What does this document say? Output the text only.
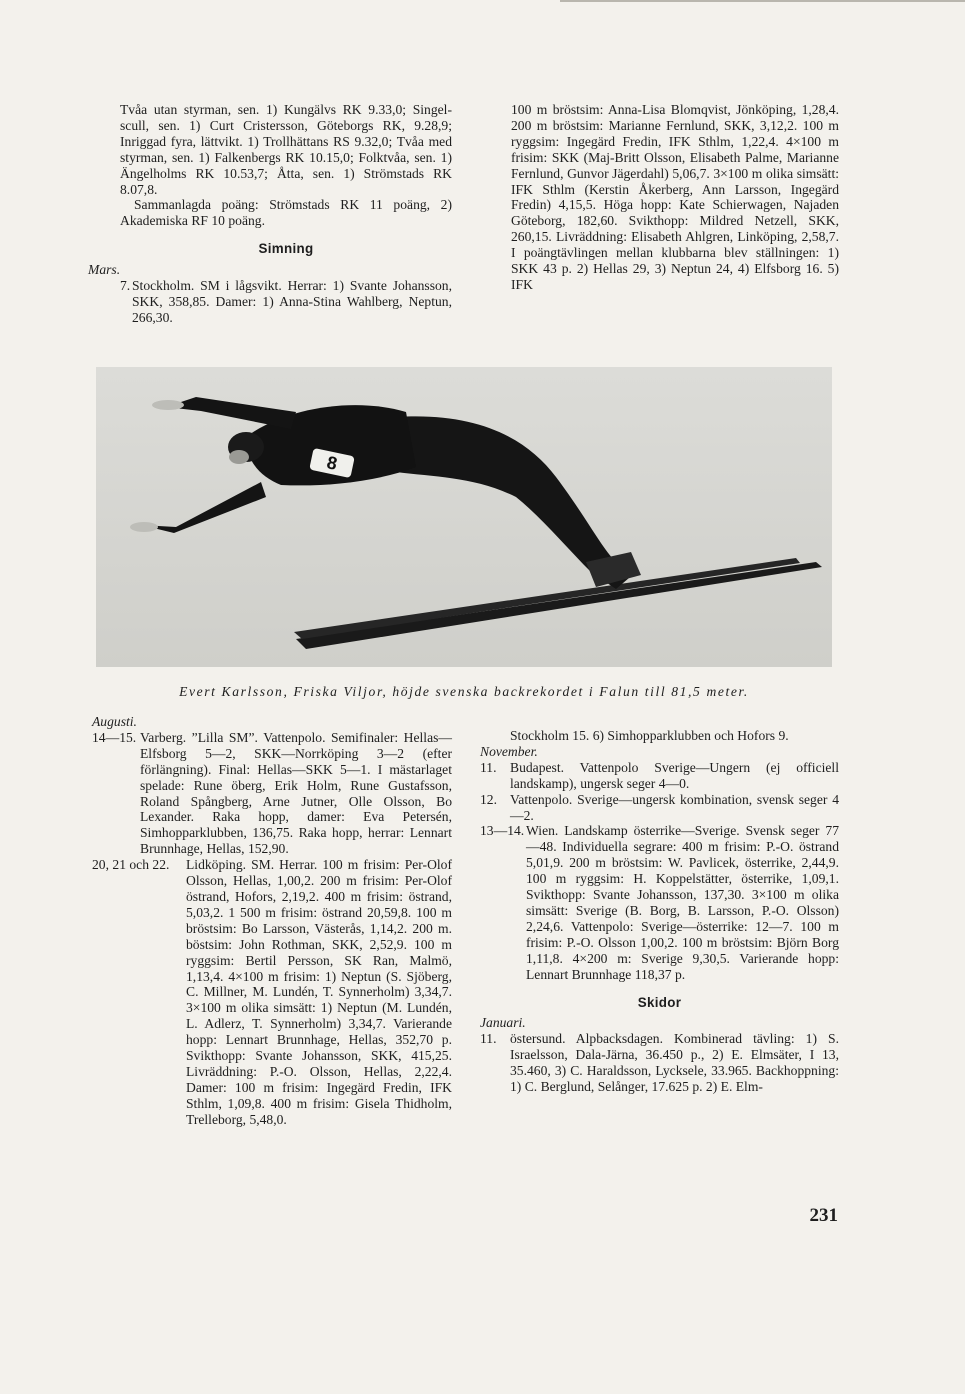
Tvåa utan styrman, sen. 1) Kungälvs RK 9.33,0; Singel-scull, sen. 1) Curt Cristersson, Göteborgs RK, 9.28,9; Inriggad fyra, lättvikt. 1) Trollhättans RS 9.32,0; Tvåa med styrman, sen. 1) Falkenbergs RK 10.15,0; Folktvåa, sen. 1) Ängelholms RK 10.53,7; Åtta, sen. 1) Strömstads RK 8.07,8.

Sammanlagda poäng: Strömstads RK 11 poäng, 2) Akademiska RF 10 poäng.

Simning

Mars.

7. Stockholm. SM i lågsvikt. Herrar: 1) Svante Johansson, SKK, 358,85. Damer: 1) Anna-Stina Wahlberg, Neptun, 266,30.

100 m bröstsim: Anna-Lisa Blomqvist, Jönköping, 1,28,4. 200 m bröstsim: Marianne Fernlund, SKK, 3,12,2. 100 m ryggsim: Ingegärd Fredin, IFK Sthlm, 1,22,4. 4×100 m frisim: SKK (Maj-Britt Olsson, Elisabeth Palme, Marianne Fernlund, Gunvor Jägerdahl) 5,06,7. 3×100 m olika simsätt: IFK Sthlm (Kerstin Åkerberg, Ann Larsson, Ingegärd Fredin) 4,15,5. Höga hopp: Kate Schierwagen, Najaden Göteborg, 182,60. Svikthopp: Mildred Netzell, SKK, 260,15. Livräddning: Elisabeth Ahlgren, Linköping, 2,58,7. I poängtävlingen mellan klubbarna blev ställningen: 1) SKK 43 p. 2) Hellas 29, 3) Neptun 24, 4) Elfsborg 16. 5) IFK

8
Evert Karlsson, Friska Viljor, höjde svenska backrekordet i Falun till 81,5 meter.

Augusti.

14—15. Varberg. ”Lilla SM”. Vattenpolo. Semifinaler: Hellas—Elfsborg 5—2, SKK—Norrköping 3—2 (efter förlängning). Final: Hellas—SKK 5—1. I mästarlaget spelade: Rune öberg, Erik Holm, Rune Gustafsson, Roland Spångberg, Arne Jutner, Olle Olsson, Bo Lexander. Raka hopp, damer: Eva Petersén, Simhopparklubben, 136,75. Raka hopp, herrar: Lennart Brunnhage, Hellas, 152,90.
20, 21 och 22.	Lidköping. SM. Herrar. 100 m frisim: Per-Olof Olsson, Hellas, 1,00,2. 200 m frisim: Per-Olof östrand, Hofors, 2,19,2. 400 m frisim: östrand, 5,03,2. 1 500 m frisim: östrand 20,59,8. 100 m bröstsim: Bo Larsson, Västerås, 1,14,2. 200 m. böstsim: John Rothman, SKK, 2,52,9. 100 m ryggsim: Bertil Persson, SK Ran, Malmö, 1,13,4. 4×100 m frisim: 1) Neptun (S. Sjöberg, C. Millner, M. Lundén, T. Synnerholm) 3,34,7. 3×100 m olika simsätt: 1) Neptun (M. Lundén, L. Adlerz, T. Synnerholm) 3,34,7. Varierande hopp: Lennart Brunnhage, Hellas, 352,70 p. Svikthopp: Svante Johansson, SKK, 415,25. Livräddning: P.-O. Olsson, Hellas, 2,22,4. Damer: 100 m frisim: Ingegärd Fredin, IFK Sthlm, 1,09,8. 400 m frisim: Gisela Thidholm, Trelleborg, 5,48,0.

Stockholm 15. 6) Simhopparklubben och Hofors 9.

November.

11. Budapest. Vattenpolo Sverige—Ungern (ej officiell landskamp), ungersk seger 4—0.
12. Vattenpolo. Sverige—ungersk kombination, svensk seger 4—2.
13—14. Wien. Landskamp österrike—Sverige. Svensk seger 77—48. Individuella segrare: 400 m frisim: P.-O. östrand 5,01,9. 200 m bröstsim: W. Pavlicek, österrike, 2,44,9. 100 m ryggsim: H. Koppelstätter, österrike, 1,09,1. Svikthopp: Svante Johansson, 137,30. 3×100 m olika simsätt: Sverige (B. Borg, B. Larsson, P.-O. Olsson) 2,24,6. Vattenpolo: Sverige—österrike: 12—7. 100 m frisim: P.-O. Olsson 1,00,2. 100 m bröstsim: Björn Borg 1,11,8. 4×200 m: Sverige 9,30,5. Varierande hopp: Lennart Brunnhage 118,37 p.

Skidor

Januari.

11. östersund. Alpbacksdagen. Kombinerad tävling: 1) S. Israelsson, Dala-Järna, 36.450 p., 2) E. Elmsäter, I 13, 35.460, 3) C. Haraldsson, Lycksele, 33.965. Backhoppning: 1) C. Berglund, Selånger, 17.625 p. 2) E. Elm-
231
